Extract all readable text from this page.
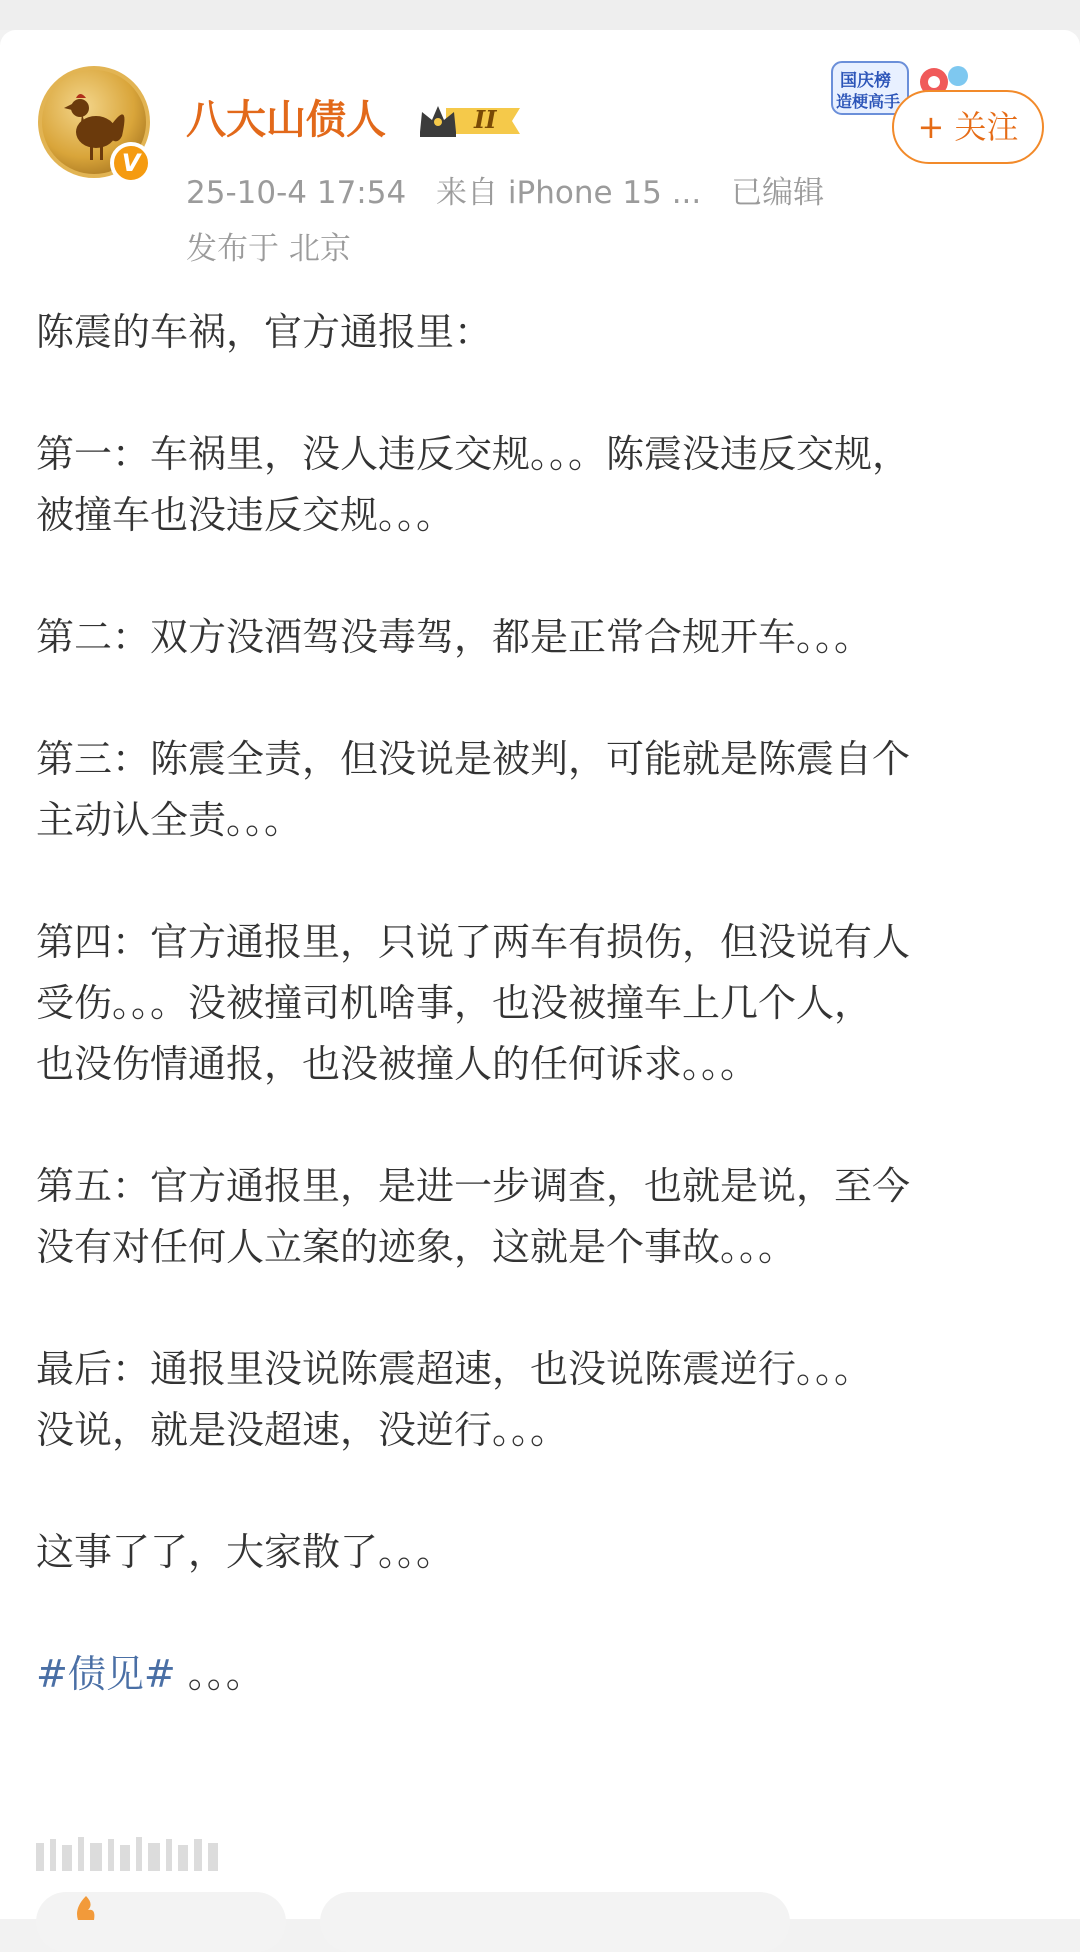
V
八大山债人	II
25-10-4 17:54 来自 iPhone 15 ... 已编辑
发布于 北京
国庆榜
造梗高手
+ 关注
陈震的车祸，官方通报里：
第一：车祸里，没人违反交规。。。陈震没违反交规，
被撞车也没违反交规。。。
第二：双方没酒驾没毒驾，都是正常合规开车。。。
第三：陈震全责，但没说是被判，可能就是陈震自个
主动认全责。。。
第四：官方通报里，只说了两车有损伤，但没说有人
受伤。。。没被撞司机啥事，也没被撞车上几个人，
也没伤情通报，也没被撞人的任何诉求。。。
第五：官方通报里，是进一步调查，也就是说，至今
没有对任何人立案的迹象，这就是个事故。。。
最后：通报里没说陈震超速，也没说陈震逆行。。。
没说，就是没超速，没逆行。。。
这事了了，大家散了。。。
#债见# 。。。
